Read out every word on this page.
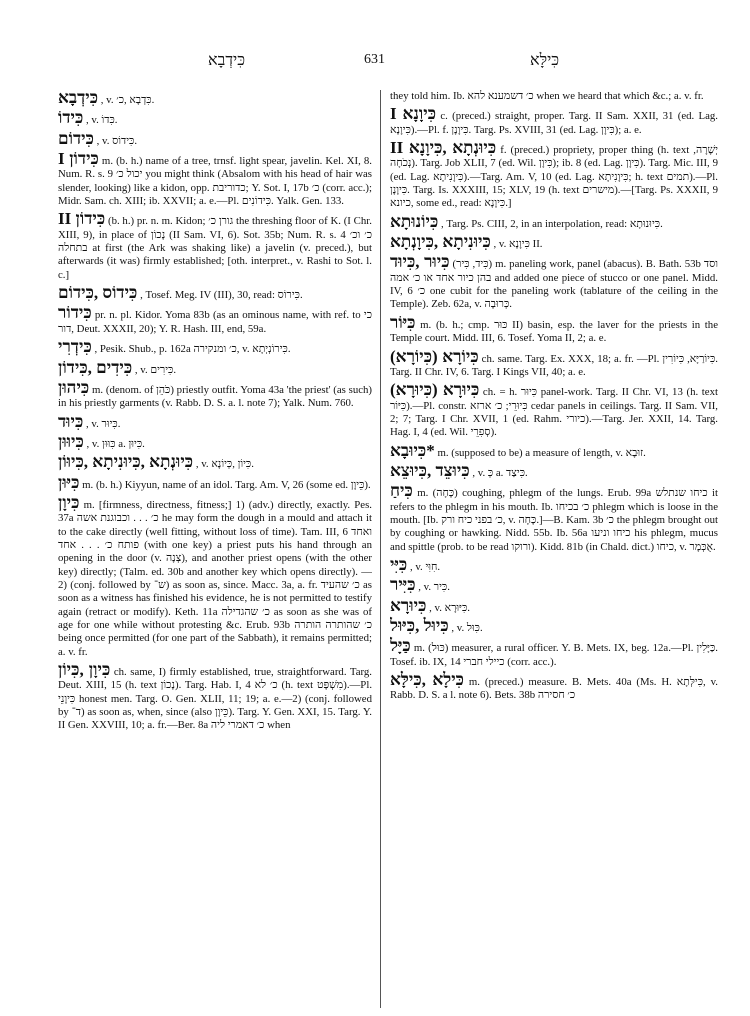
כִּידְבָא	631	כִּילָּא

כִּידְבָא , v. כִּדְבָא ,כ׳.

כִּידוֹ , v. כִּדוֹ.

כִּידוֹם , v. כִּידוֹס.

כִּידוֹן I m. (b. h.) name of a tree, trnsf. light spear, javelin. Kel. XI, 8. Num. R. s. 9 יכול כ׳ you might think (Absalom with his head of hair was slender, looking) like a kidon, opp. כדוריבת; Y. Sot. I, 17b כ׳ (corr. acc.); Midr. Sam. ch. XIII; ib. XXVII; a. e.—Pl. כִּידוֹנִים. Yalk. Gen. 133.

כִּידוֹן II (b. h.) pr. n. m. Kidon; גורן כ׳ the threshing floor of K. (I Chr. XIII, 9), in place of נָכוֹן (II Sam. VI, 6). Sot. 35b; Num. R. s. 4 כ׳ וכ׳ בתחלה at first (the Ark was shaking like) a javelin (v. preced.), but afterwards (it was) firmly established; [oth. interpret., v. Rashi to Sot. l. c.]

כִּידוֹס ,כִּידוֹם , Tosef. Meg. IV (III), 30, read: כִּירוֹס.

כִּידוֹר pr. n. pl. Kidor. Yoma 83b (as an ominous name, with ref. to כי דור, Deut. XXXII, 20); Y. R. Hash. III, end, 59a.

כִּידְרִי , Pesik. Shub., p. 162a כ׳ ומנקירה, v. כִּירוֹנְיְתָא.

כִּידִים ,כִּידוֹן , v. כִּירִים.

כִּיהוּן m. (denom. of כֹּהֵן) priestly outfit. Yoma 43a 'the priest' (as such) in his priestly garments (v. Rabb. D. S. a. l. note 7); Yalk. Num. 760.

כִּיוּד , v. כִּיוּר.

כִּיוּוּן , v. כִּוּוּן a. כִּיוּן.

כִּיוּנְתָא ,כִּיוּנִיתָא ,כִּיוּוֹן , v. כִּיוֹן ,כְּיוֹנָא.

כִּיּוּן m. (b. h.) Kiyyun, name of an idol. Targ. Am. V, 26 (some ed. כֵּיוָן).

כִּיוָן m. [firmness, directness, fitness;] 1) (adv.) directly, exactly. Pes. 37a כ׳ . . . וכבוגנת אשה he may form the dough in a mould and attach it to the cake directly (well fitting, without loss of time). Tam. III, 6 ואחד פותח כ׳ . . . אחד (with one key) a priest puts his hand through an opening in the door (v. צְנָה), and another priest opens (with the other key) directly; (Talm. ed. 30b and another key which opens directly). —2) (conj. followed by ש־) as soon as, since. Macc. 3a, a. fr. כ׳ שהעיד as soon as a witness has finished his evidence, he is not permitted to testify again (retract or modify). Keth. 11a כ׳ שהגדילה as soon as she was of age for one while without protesting &c. Erub. 93b כ׳ שהותרה הותרה being once permitted (for one part of the Sabbath), it remains permitted; a. v. fr.

כִּיוָן ,כִּיוֹן ch. same, I) firmly established, true, straightforward. Targ. Deut. XIII, 15 (h. text נָכוֹן). Targ. Hab. I, 4 כ׳ לא (h. text מִשְׁפָּט).—Pl. כִּיוָנֵי honest men. Targ. O. Gen. XLII, 11; 19; a. e.—2) (conj. followed by ד־) as soon as, when, since (also כֵּיוָן). Targ. Y. Gen. XXI, 15. Targ. Y. II Gen. XXVIII, 10; a. fr.—Ber. 8a כ׳ דאמרי ליה when

they told him. Ib. כ׳ דשמענא להא when we heard that which &c.; a. v. fr.

כִּיוָנָא I c. (preced.) straight, proper. Targ. II Sam. XXII, 31 (ed. Lag. כִּיוָנָא).—Pl. f. כִּיוָנָן. Targ. Ps. XVIII, 31 (ed. Lag. כִּיוָן); a. e.

כִּיוּנְתָא ,כִּיוָנָא II f. (preced.) propriety, proper thing (h. text יְשָׁרָה, נְכֹחָה). Targ. Job XLII, 7 (ed. Wil. כִּיוָן); ib. 8 (ed. Lag. כִּיוָן). Targ. Mic. III, 9 (ed. Lag. כִּיוָנִיתָא).—Targ. Am. V, 10 (ed. Lag. כִּיוָנִיתָא; h. text תמים).—Pl. כִּיוָנָן. Targ. Is. XXXIII, 15; XLV, 19 (h. text מישרים).—[Targ. Ps. XXXII, 9 כיונא, some ed., read: כִּיוָנָא.]

כִּיוֹנוּתָא , Targ. Ps. CIII, 2, in an interpolation, read: כִּיוּנוּתָא.

כִּיוּנִיתָא ,כִּיוָנְתָא , v. כִּיוָנָא II.

כִּיוּר ,כִּיוּד (כִּיד, כִּיר) m. paneling work, panel (abacus). B. Bath. 53b וסד בהן כיור אחד או כ׳ אמה and added one piece of stucco or one panel. Midd. IV, 6 כ׳ one cubit for the paneling work (tablature of the ceiling in the Temple). Zeb. 62a, v. כְּרוּבָה.

כִּיּוֹר m. (b. h.; cmp. כּוּר II) basin, esp. the laver for the priests in the Temple court. Midd. III, 6. Tosef. Yoma II, 2; a. e.

כִּיוֹרָא (כִּיוֹרָא) ch. same. Targ. Ex. XXX, 18; a. fr. —Pl. כִּיוֹרַיָּא, כִּיוֹרִין. Targ. II Chr. IV, 6. Targ. I Kings VII, 40; a. e.

כִּיוּרָא (כִּיוּרָא) ch. = h. כִּיוּר panel-work. Targ. II Chr. VI, 13 (h. text כִּיּוֹר).—Pl. constr. כִּיוּרֵי; כ׳ ארזא cedar panels in ceilings. Targ. II Sam. VII, 2; 7; Targ. I Chr. XVII, 1 (ed. Rahm. כיורי).—Targ. Jer. XXII, 14. Targ. Hag. I, 4 (ed. Wil. סְפִרֵי).

*כִּיוּבָא m. (supposed to be) a measure of length, v. זוּבָא.

כִּיוּצֵד ,כִּיוּצֵא , v. כְּ a. כִּיצַד.

כִּיחַ m. (כָּחָה) coughing, phlegm of the lungs. Erub. 99a כיחו שנתלש it refers to the phlegm in his mouth. Ib. כ׳ בכיחו phlegm which is loose in the mouth. [Ib. כ׳ בפני כיח ורק, v. כָּחָה.]—B. Kam. 3b כ׳ the phlegm brought out by coughing or hawking. Nidd. 55b. Ib. 56a כיחו וניעו his phlegm, mucus and spittle (prob. to be read ורוקו). Kidd. 81b (in Chald. dict.) כיחו, v. אֻכְּמָר.

כִּיִּי , v. חִוִּי.

כִּיִּיר , v. כִּיר.

כִּיוּרָא , v. כִּיּוּרָא.

כִּיוּל ,כִּיּוּל , v. כִּוּל.

כַּיָּל m. (כּוּל) measurer, a rural officer. Y. B. Mets. IX, beg. 12a.—Pl. כַּיָּלִין. Tosef. ib. IX, 14 כיילי חברי (corr. acc.).

כִּילָא ,כִּילָּא m. (preced.) measure. B. Mets. 40a (Ms. H. כִּילְּתָא, v. Rabb. D. S. a l. note 6). Bets. 38b כ׳ חסירה
